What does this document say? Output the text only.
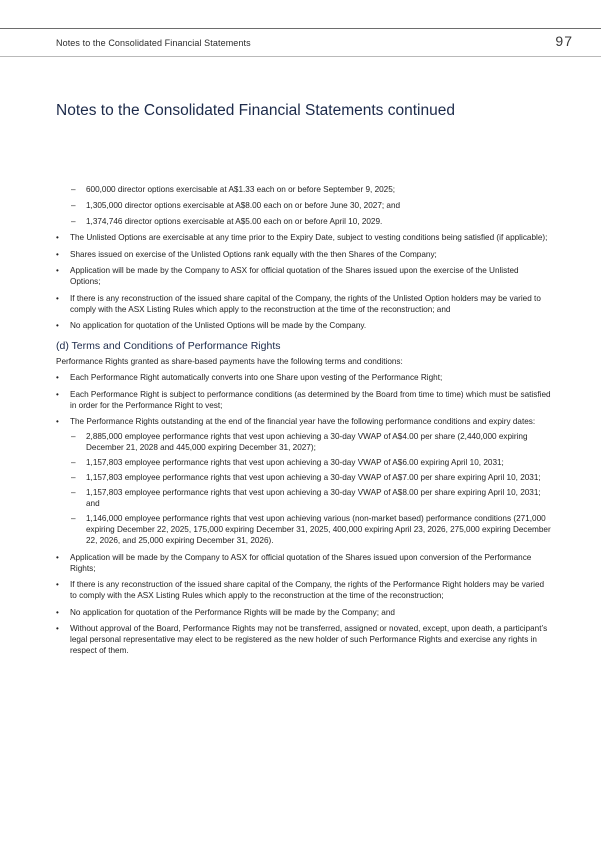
Notes to the Consolidated Financial Statements	97
Notes to the Consolidated Financial Statements continued
– 600,000 director options exercisable at A$1.33 each on or before September 9, 2025;
– 1,305,000 director options exercisable at A$8.00 each on or before June 30, 2027; and
– 1,374,746 director options exercisable at A$5.00 each on or before April 10, 2029.
• The Unlisted Options are exercisable at any time prior to the Expiry Date, subject to vesting conditions being satisfied (if applicable);
• Shares issued on exercise of the Unlisted Options rank equally with the then Shares of the Company;
• Application will be made by the Company to ASX for official quotation of the Shares issued upon the exercise of the Unlisted Options;
• If there is any reconstruction of the issued share capital of the Company, the rights of the Unlisted Option holders may be varied to comply with the ASX Listing Rules which apply to the reconstruction at the time of the reconstruction; and
• No application for quotation of the Unlisted Options will be made by the Company.
(d) Terms and Conditions of Performance Rights

Performance Rights granted as share-based payments have the following terms and conditions:

• Each Performance Right automatically converts into one Share upon vesting of the Performance Right;
• Each Performance Right is subject to performance conditions (as determined by the Board from time to time) which must be satisfied in order for the Performance Right to vest;
• The Performance Rights outstanding at the end of the financial year have the following performance conditions and expiry dates:
– 2,885,000 employee performance rights that vest upon achieving a 30-day VWAP of A$4.00 per share (2,440,000 expiring December 21, 2028 and 445,000 expiring December 31, 2027);
– 1,157,803 employee performance rights that vest upon achieving a 30-day VWAP of A$6.00 expiring April 10, 2031;
– 1,157,803 employee performance rights that vest upon achieving a 30-day VWAP of A$7.00 per share expiring April 10, 2031;
– 1,157,803 employee performance rights that vest upon achieving a 30-day VWAP of A$8.00 per share expiring April 10, 2031; and
– 1,146,000 employee performance rights that vest upon achieving various (non-market based) performance conditions (271,000 expiring December 22, 2025, 175,000 expiring December 31, 2025, 400,000 expiring April 23, 2026, 275,000 expiring December 22, 2026, and 25,000 expiring December 31, 2026).
• Application will be made by the Company to ASX for official quotation of the Shares issued upon conversion of the Performance Rights;
• If there is any reconstruction of the issued share capital of the Company, the rights of the Performance Right holders may be varied to comply with the ASX Listing Rules which apply to the reconstruction at the time of the reconstruction;
• No application for quotation of the Performance Rights will be made by the Company; and
• Without approval of the Board, Performance Rights may not be transferred, assigned or novated, except, upon death, a participant’s legal personal representative may elect to be registered as the new holder of such Performance Rights and exercise any rights in respect of them.
